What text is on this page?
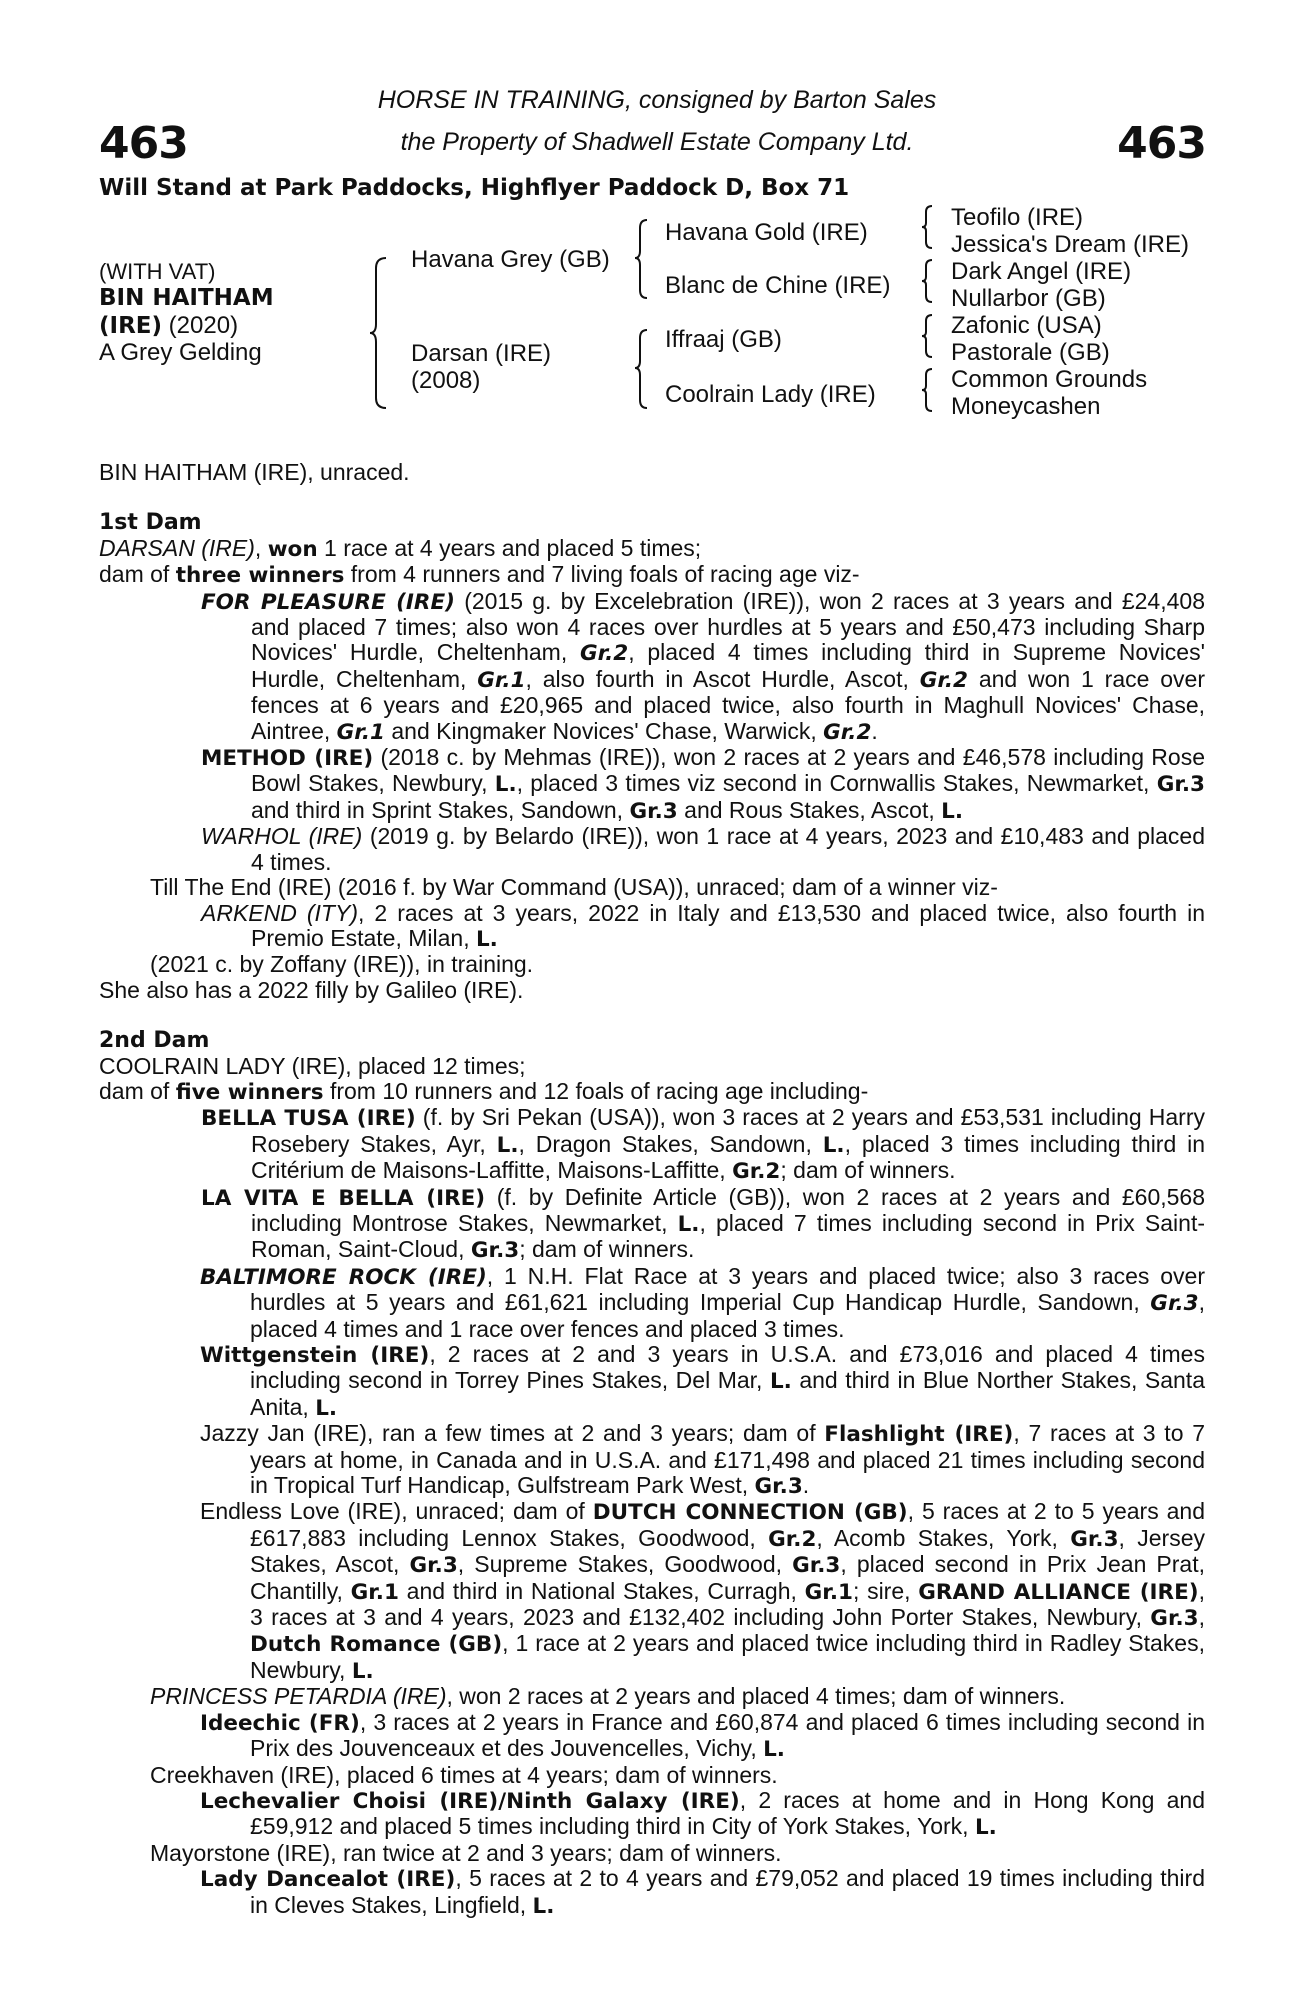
463	463
HORSE IN TRAINING, consigned by Barton Sales
the Property of Shadwell Estate Company Ltd.
Will Stand at Park Paddocks, Highflyer Paddock D, Box 71
(WITH VAT)
BIN HAITHAM
(IRE) (2020)
A Grey Gelding
Havana Grey (GB)
Darsan (IRE)
(2008)
Havana Gold (IRE)
Blanc de Chine (IRE)
Iffraaj (GB)
Coolrain Lady (IRE)
Teofilo (IRE)
Jessica's Dream (IRE)
Dark Angel (IRE)
Nullarbor (GB)
Zafonic (USA)
Pastorale (GB)
Common Grounds
Moneycashen

BIN HAITHAM (IRE), unraced.

1st Dam

DARSAN (IRE), won 1 race at 4 years and placed 5 times;

dam of three winners from 4 runners and 7 living foals of racing age viz-

FOR PLEASURE (IRE) (2015 g. by Excelebration (IRE)), won 2 races at 3 years and £24,408 and placed 7 times; also won 4 races over hurdles at 5 years and £50,473 including Sharp Novices' Hurdle, Cheltenham, Gr.2, placed 4 times including third in Supreme Novices' Hurdle, Cheltenham, Gr.1, also fourth in Ascot Hurdle, Ascot, Gr.2 and won 1 race over fences at 6 years and £20,965 and placed twice, also fourth in Maghull Novices' Chase, Aintree, Gr.1 and Kingmaker Novices' Chase, Warwick, Gr.2.

METHOD (IRE) (2018 c. by Mehmas (IRE)), won 2 races at 2 years and £46,578 including Rose Bowl Stakes, Newbury, L., placed 3 times viz second in Cornwallis Stakes, Newmarket, Gr.3 and third in Sprint Stakes, Sandown, Gr.3 and Rous Stakes, Ascot, L.

WARHOL (IRE) (2019 g. by Belardo (IRE)), won 1 race at 4 years, 2023 and £10,483 and placed 4 times.

Till The End (IRE) (2016 f. by War Command (USA)), unraced; dam of a winner viz-

ARKEND (ITY), 2 races at 3 years, 2022 in Italy and £13,530 and placed twice, also fourth in Premio Estate, Milan, L.

(2021 c. by Zoffany (IRE)), in training.

She also has a 2022 filly by Galileo (IRE).

2nd Dam

COOLRAIN LADY (IRE), placed 12 times;

dam of five winners from 10 runners and 12 foals of racing age including-

BELLA TUSA (IRE) (f. by Sri Pekan (USA)), won 3 races at 2 years and £53,531 including Harry Rosebery Stakes, Ayr, L., Dragon Stakes, Sandown, L., placed 3 times including third in Critérium de Maisons-Laffitte, Maisons-Laffitte, Gr.2; dam of winners.

LA VITA E BELLA (IRE) (f. by Definite Article (GB)), won 2 races at 2 years and £60,568 including Montrose Stakes, Newmarket, L., placed 7 times including second in Prix Saint-Roman, Saint-Cloud, Gr.3; dam of winners.

BALTIMORE ROCK (IRE), 1 N.H. Flat Race at 3 years and placed twice; also 3 races over hurdles at 5 years and £61,621 including Imperial Cup Handicap Hurdle, Sandown, Gr.3, placed 4 times and 1 race over fences and placed 3 times.

Wittgenstein (IRE), 2 races at 2 and 3 years in U.S.A. and £73,016 and placed 4 times including second in Torrey Pines Stakes, Del Mar, L. and third in Blue Norther Stakes, Santa Anita, L.

Jazzy Jan (IRE), ran a few times at 2 and 3 years; dam of Flashlight (IRE), 7 races at 3 to 7 years at home, in Canada and in U.S.A. and £171,498 and placed 21 times including second in Tropical Turf Handicap, Gulfstream Park West, Gr.3.

Endless Love (IRE), unraced; dam of DUTCH CONNECTION (GB), 5 races at 2 to 5 years and £617,883 including Lennox Stakes, Goodwood, Gr.2, Acomb Stakes, York, Gr.3, Jersey Stakes, Ascot, Gr.3, Supreme Stakes, Goodwood, Gr.3, placed second in Prix Jean Prat, Chantilly, Gr.1 and third in National Stakes, Curragh, Gr.1; sire, GRAND ALLIANCE (IRE), 3 races at 3 and 4 years, 2023 and £132,402 including John Porter Stakes, Newbury, Gr.3, Dutch Romance (GB), 1 race at 2 years and placed twice including third in Radley Stakes, Newbury, L.

PRINCESS PETARDIA (IRE), won 2 races at 2 years and placed 4 times; dam of winners.

Ideechic (FR), 3 races at 2 years in France and £60,874 and placed 6 times including second in Prix des Jouvenceaux et des Jouvencelles, Vichy, L.

Creekhaven (IRE), placed 6 times at 4 years; dam of winners.

Lechevalier Choisi (IRE)/Ninth Galaxy (IRE), 2 races at home and in Hong Kong and £59,912 and placed 5 times including third in City of York Stakes, York, L.

Mayorstone (IRE), ran twice at 2 and 3 years; dam of winners.

Lady Dancealot (IRE), 5 races at 2 to 4 years and £79,052 and placed 19 times including third in Cleves Stakes, Lingfield, L.
